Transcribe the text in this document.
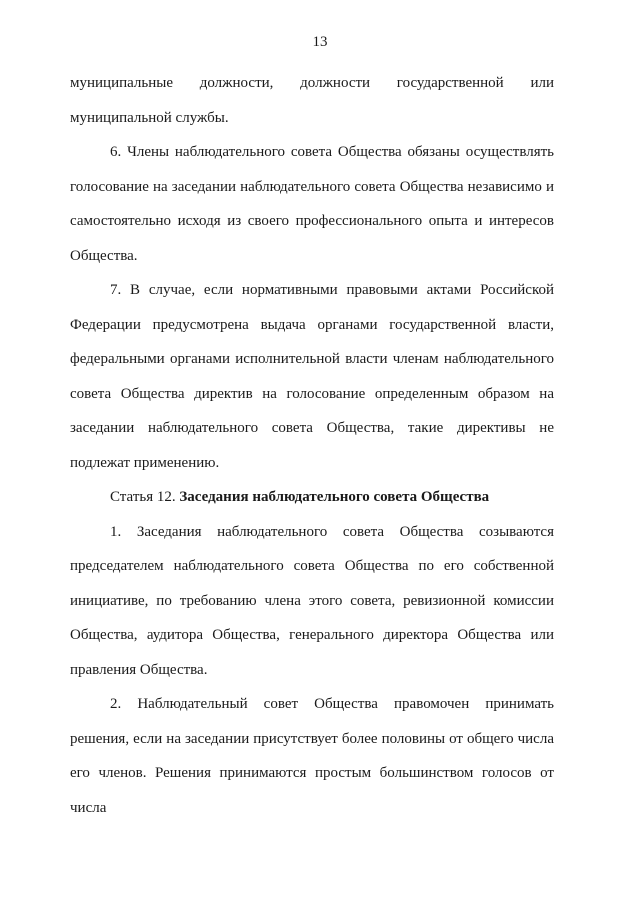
13

муниципальные должности, должности государственной или муниципальной службы.

6. Члены наблюдательного совета Общества обязаны осуществлять голосование на заседании наблюдательного совета Общества независимо и самостоятельно исходя из своего профессионального опыта и интересов Общества.

7. В случае, если нормативными правовыми актами Российской Федерации предусмотрена выдача органами государственной власти, федеральными органами исполнительной власти членам наблюдательного совета Общества директив на голосование определенным образом на заседании наблюдательного совета Общества, такие директивы не подлежат применению.

Статья 12. Заседания наблюдательного совета Общества

1. Заседания наблюдательного совета Общества созываются председателем наблюдательного совета Общества по его собственной инициативе, по требованию члена этого совета, ревизионной комиссии Общества, аудитора Общества, генерального директора Общества или правления Общества.

2. Наблюдательный совет Общества правомочен принимать решения, если на заседании присутствует более половины от общего числа его членов. Решения принимаются простым большинством голосов от числа
